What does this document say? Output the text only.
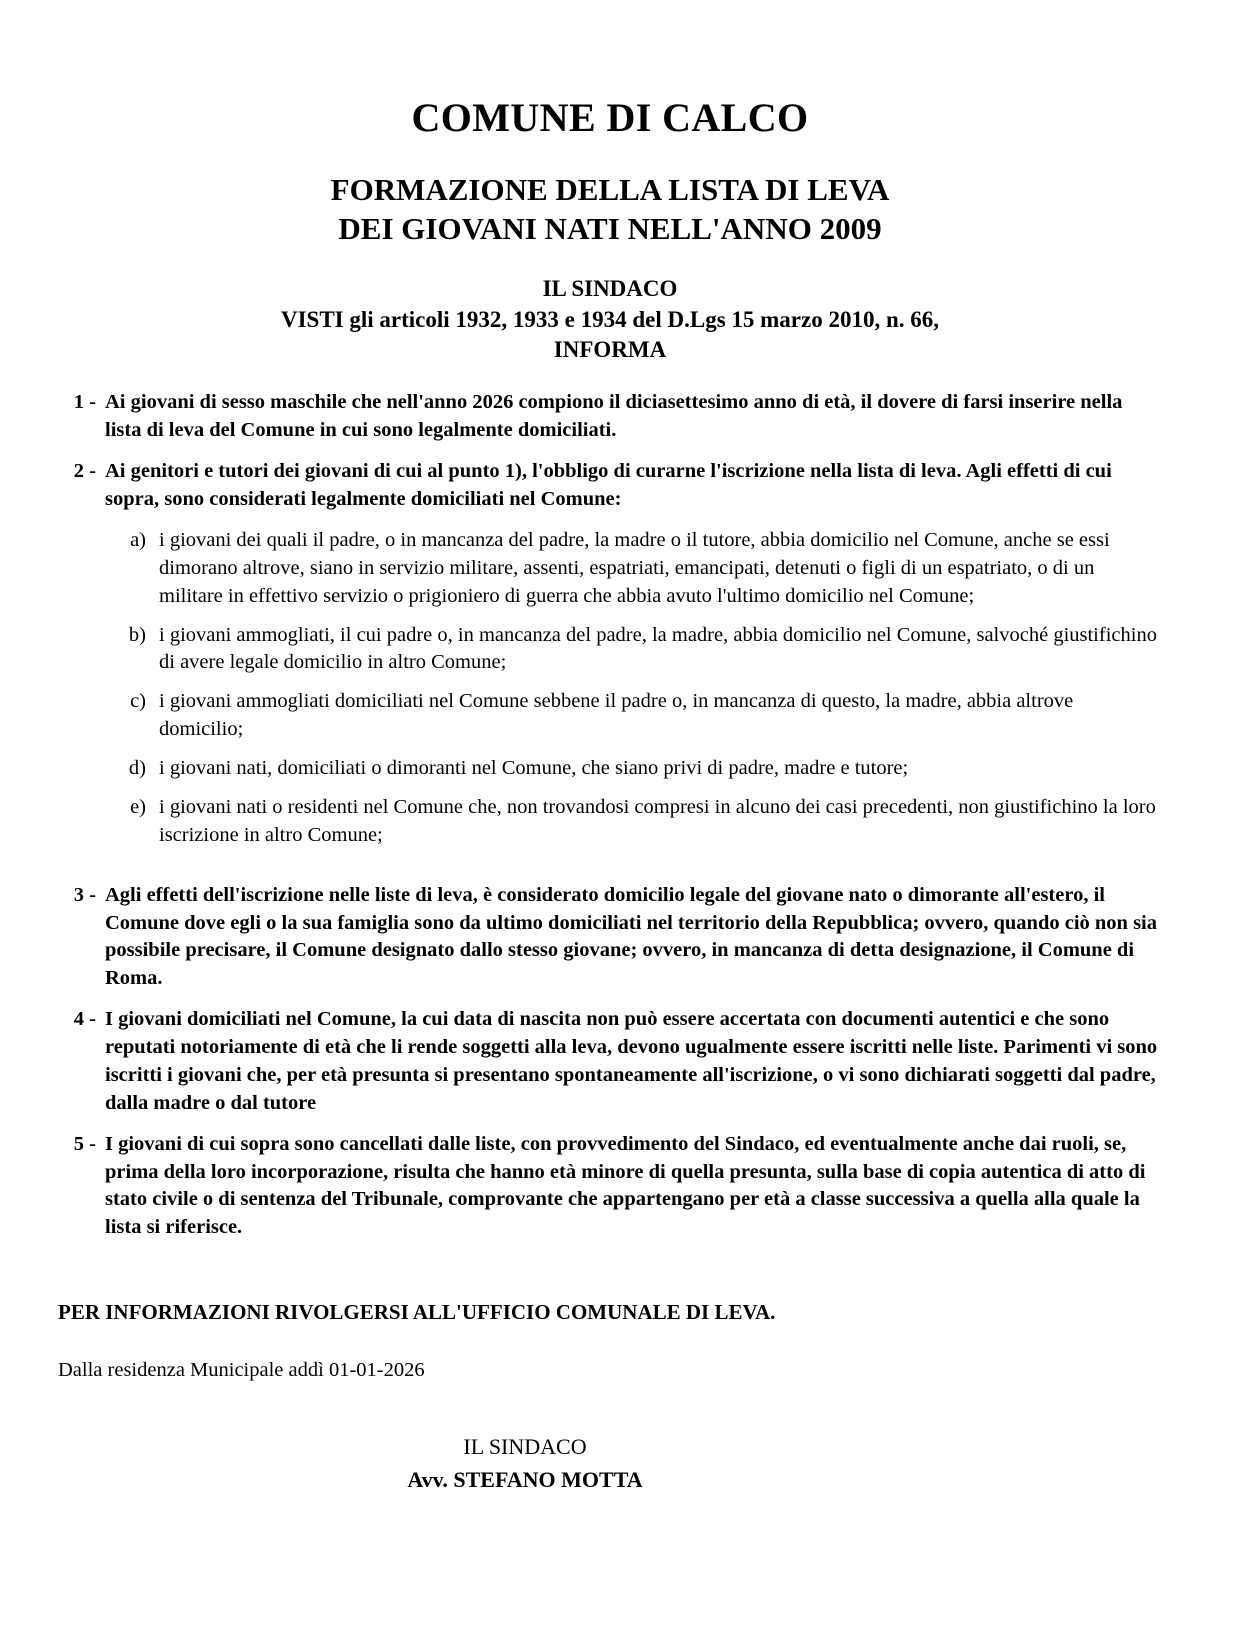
COMUNE DI CALCO
FORMAZIONE DELLA LISTA DI LEVA
DEI GIOVANI NATI NELL'ANNO 2009
IL SINDACO
VISTI gli articoli 1932, 1933 e 1934 del D.Lgs 15 marzo 2010, n. 66,
INFORMA
1 - Ai giovani di sesso maschile che nell'anno 2026 compiono il diciasettesimo anno di età, il dovere di farsi inserire nella lista di leva del Comune in cui sono legalmente domiciliati.
2 - Ai genitori e tutori dei giovani di cui al punto 1), l'obbligo di curarne l'iscrizione nella lista di leva. Agli effetti di cui sopra, sono considerati legalmente domiciliati nel Comune:
a) i giovani dei quali il padre, o in mancanza del padre, la madre o il tutore, abbia domicilio nel Comune, anche se essi dimorano altrove, siano in servizio militare, assenti, espatriati, emancipati, detenuti o figli di un espatriato, o di un militare in effettivo servizio o prigioniero di guerra che abbia avuto l'ultimo domicilio nel Comune;
b) i giovani ammogliati, il cui padre o, in mancanza del padre, la madre, abbia domicilio nel Comune, salvoché giustifichino di avere legale domicilio in altro Comune;
c) i giovani ammogliati domiciliati nel Comune sebbene il padre o, in mancanza di questo, la madre, abbia altrove domicilio;
d) i giovani nati, domiciliati o dimoranti nel Comune, che siano privi di padre, madre e tutore;
e) i giovani nati o residenti nel Comune che, non trovandosi compresi in alcuno dei casi precedenti, non giustifichino la loro iscrizione in altro Comune;
3 - Agli effetti dell'iscrizione nelle liste di leva, è considerato domicilio legale del giovane nato o dimorante all'estero, il Comune dove egli o la sua famiglia sono da ultimo domiciliati nel territorio della Repubblica; ovvero, quando ciò non sia possibile precisare, il Comune designato dallo stesso giovane; ovvero, in mancanza di detta designazione, il Comune di Roma.
4 - I giovani domiciliati nel Comune, la cui data di nascita non può essere accertata con documenti autentici e che sono reputati notoriamente di età che li rende soggetti alla leva, devono ugualmente essere iscritti nelle liste. Parimenti vi sono iscritti i giovani che, per età presunta si presentano spontaneamente all'iscrizione, o vi sono dichiarati soggetti dal padre, dalla madre o dal tutore
5 - I giovani di cui sopra sono cancellati dalle liste, con provvedimento del Sindaco, ed eventualmente anche dai ruoli, se, prima della loro incorporazione, risulta che hanno età minore di quella presunta, sulla base di copia autentica di atto di stato civile o di sentenza del Tribunale, comprovante che appartengano per età a classe successiva a quella alla quale la lista si riferisce.
PER INFORMAZIONI RIVOLGERSI ALL'UFFICIO COMUNALE DI LEVA.
Dalla residenza Municipale addì 01-01-2026
IL SINDACO
Avv. STEFANO MOTTA
